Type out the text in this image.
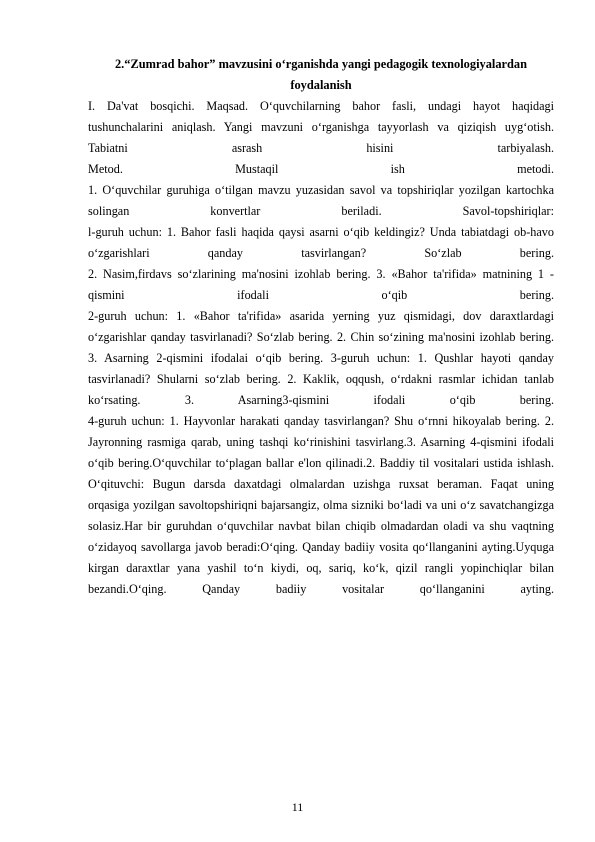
2.“Zumrad bahor” mavzusini o‘rganishda yangi pedagogik texnologiyalardan foydalanish

I. Da'vat bosqichi. Maqsad. O‘quvchilarning bahor fasli, undagi hayot haqidagi tushunchalarini aniqlash. Yangi mavzuni o‘rganishga tayyorlash va qiziqish uyg‘otish. Tabiatni asrash hisini tarbiyalash.

Metod. Mustaqil ish metodi.

1. O‘quvchilar guruhiga o‘tilgan mavzu yuzasidan savol va topshiriqlar yozilgan kartochka solingan konvertlar beriladi. Savol-topshiriqlar:

l-guruh uchun: 1. Bahor fasli haqida qaysi asarni o‘qib keldingiz? Unda tabiatdagi ob-havo o‘zgarishlari qanday tasvirlangan? So‘zlab bering.

2. Nasim,firdavs so‘zlarining ma'nosini izohlab bering. 3. «Bahor ta'rifida» matnining 1 -qismini ifodali o‘qib bering.

2-guruh uchun: 1. «Bahor ta'rifida» asarida yerning yuz qismidagi, dov daraxtlardagi o‘zgarishlar qanday tasvirlanadi? So‘zlab bering. 2. Chin so‘zining ma'nosini izohlab bering. 3. Asarning 2-qismini ifodalai o‘qib bering. 3-guruh uchun: 1. Qushlar hayoti qanday tasvirlanadi? Shularni so‘zlab bering. 2. Kaklik, oqqush, o‘rdakni rasmlar ichidan tanlab ko‘rsating. 3. Asarning3-qismini ifodali o‘qib bering.

4-guruh uchun: 1. Hayvonlar harakati qanday tasvirlangan? Shu o‘rnni hikoyalab bering. 2. Jayronning rasmiga qarab, uning tashqi ko‘rinishini tasvirlang.3. Asarning 4-qismini ifodali o‘qib bering.O‘quvchilar to‘plagan ballar e'lon qilinadi.2. Baddiy til vositalari ustida ishlash. O‘qituvchi: Bugun darsda daxatdagi olmalardan uzishga ruxsat beraman. Faqat uning orqasiga yozilgan savoltopshiriqni bajarsangiz, olma sizniki bo‘ladi va uni o‘z savatchangizga solasiz.Har bir guruhdan o‘quvchilar navbat bilan chiqib olmadardan oladi va shu vaqtning o‘zidayoq savollarga javob beradi:O‘qing. Qanday badiiy vosita qo‘llanganini ayting.Uyquga kirgan daraxtlar yana yashil to‘n kiydi, oq, sariq, ko‘k, qizil rangli yopinchiqlar bilan bezandi.O‘qing. Qanday badiiy vositalar qo‘llanganini ayting.

11
